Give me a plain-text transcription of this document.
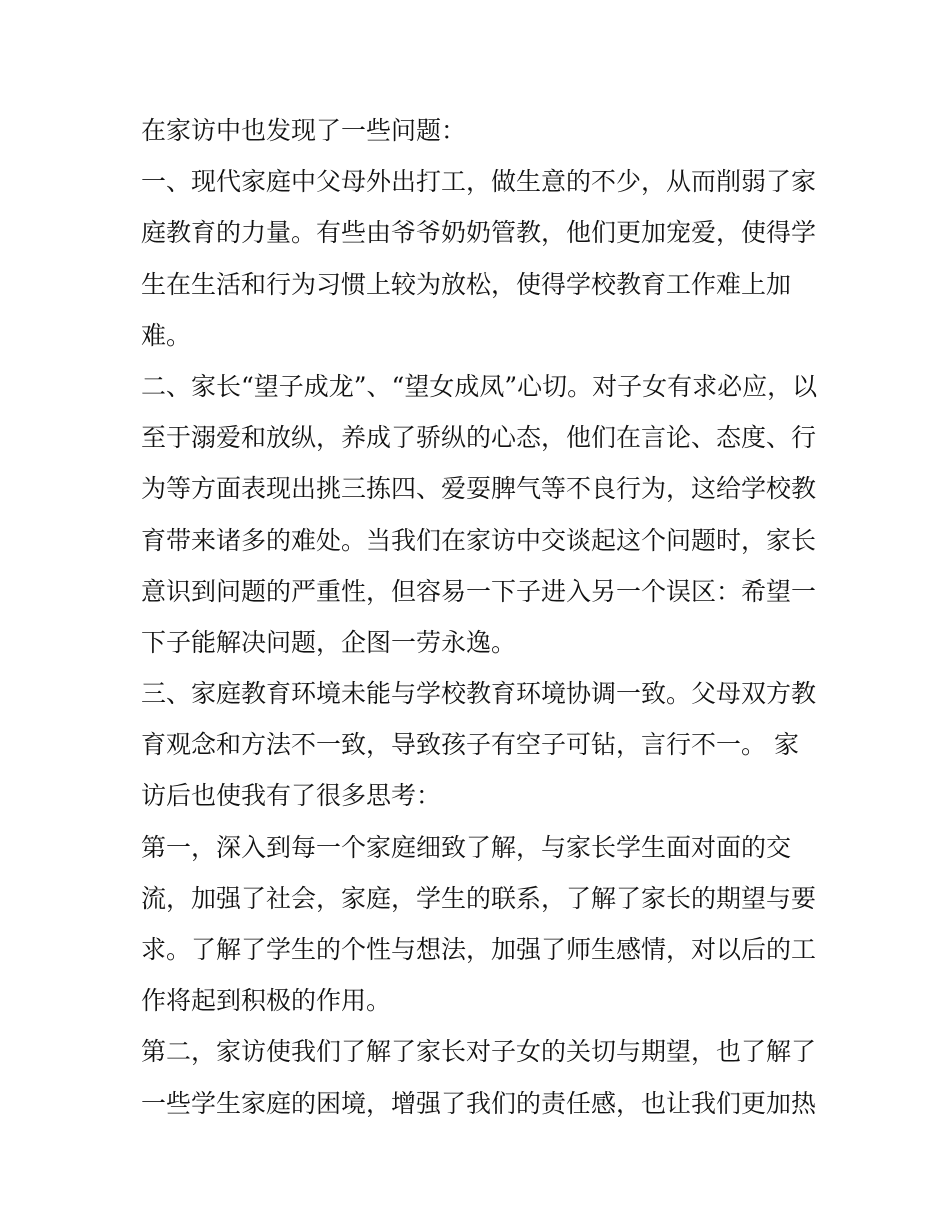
在家访中也发现了一些问题：
一、现代家庭中父母外出打工，做生意的不少，从而削弱了家
庭教育的力量。有些由爷爷奶奶管教，他们更加宠爱，使得学
生在生活和行为习惯上较为放松，使得学校教育工作难上加
难。
二、家长“望子成龙”、“望女成凤”心切。对子女有求必应，以
至于溺爱和放纵，养成了骄纵的心态，他们在言论、态度、行
为等方面表现出挑三拣四、爱耍脾气等不良行为，这给学校教
育带来诸多的难处。当我们在家访中交谈起这个问题时，家长
意识到问题的严重性，但容易一下子进入另一个误区：希望一
下子能解决问题，企图一劳永逸。
三、家庭教育环境未能与学校教育环境协调一致。父母双方教
育观念和方法不一致，导致孩子有空子可钻，言行不一。 家
访后也使我有了很多思考：
第一，深入到每一个家庭细致了解，与家长学生面对面的交
流，加强了社会，家庭，学生的联系，了解了家长的期望与要
求。了解了学生的个性与想法，加强了师生感情，对以后的工
作将起到积极的作用。
第二，家访使我们了解了家长对子女的关切与期望，也了解了
一些学生家庭的困境，增强了我们的责任感，也让我们更加热
